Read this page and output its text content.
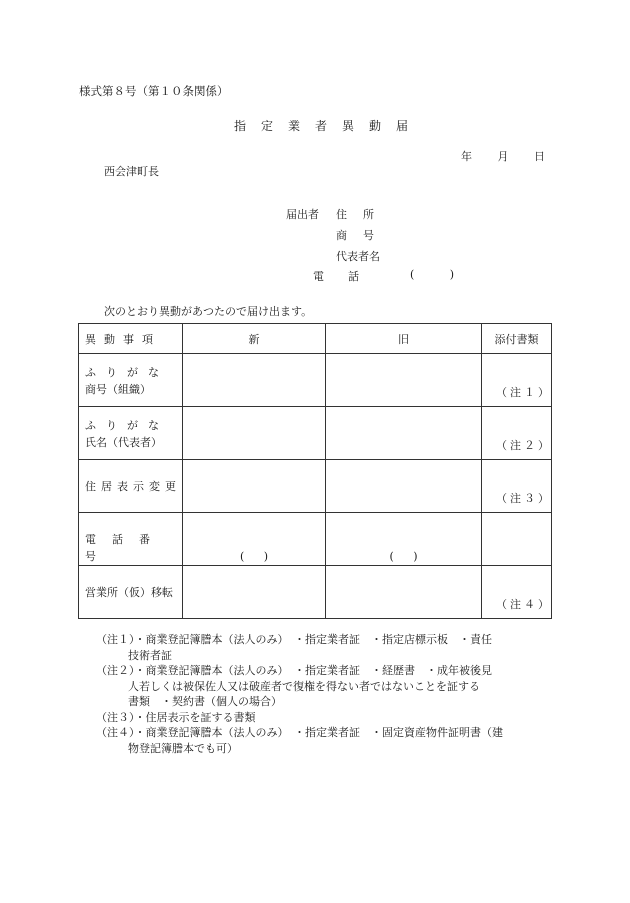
様式第８号（第１０条関係）
指定業者異動届
年 月 日
西会津町長
届出者 住所
商号
代表者名
電話 ( )
次のとおり異動があつたので届け出ます。
異動事項	新	旧	添付書類

ふりがな
商号（組織）			（注１）

ふりがな
氏名（代表者）			（注２）

住居表示変更			（注３）

電話番号	( )	( )	

営業所（仮）移転			（注４）
（注１）・商業登記簿謄本（法人のみ）　・指定業者証　・指定店標示板　・責任
技術者証
（注２）・商業登記簿謄本（法人のみ）　・指定業者証　・経歴書　・成年被後見
人若しくは被保佐人又は破産者で復権を得ない者ではないことを証する
書類　・契約書（個人の場合）
（注３）・住居表示を証する書類
（注４）・商業登記簿謄本（法人のみ）　・指定業者証　・固定資産物件証明書（建
物登記簿謄本でも可）
